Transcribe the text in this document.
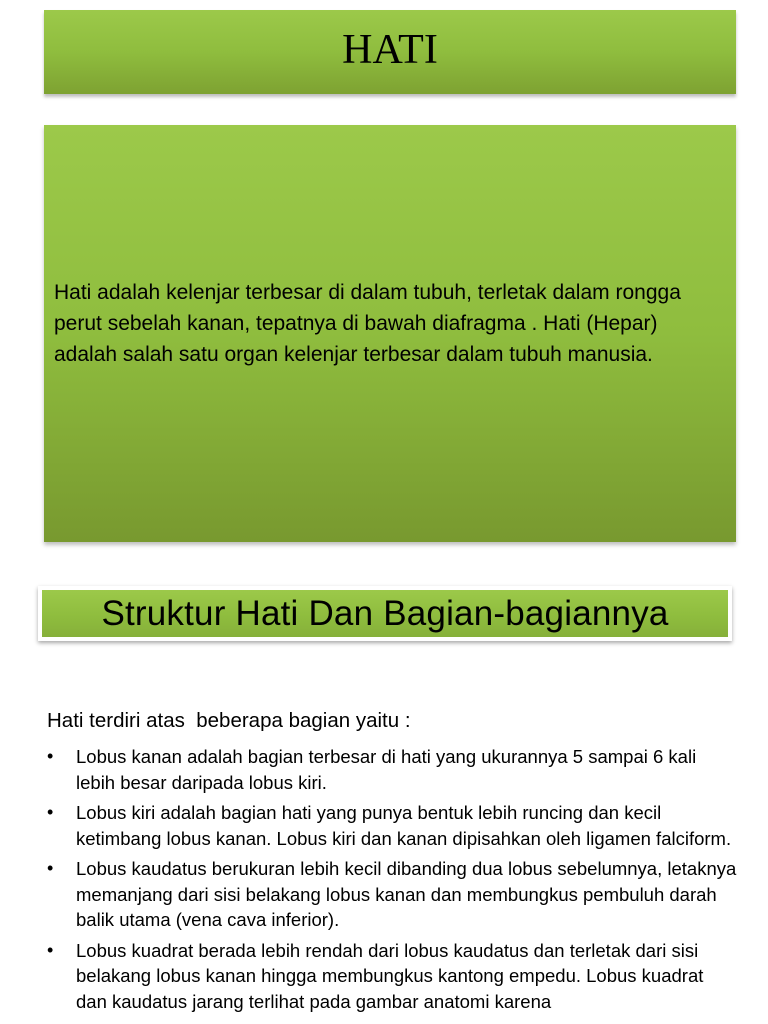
HATI
Hati adalah kelenjar terbesar di dalam tubuh, terletak dalam rongga perut sebelah kanan, tepatnya di bawah diafragma . Hati (Hepar) adalah salah satu organ kelenjar terbesar dalam tubuh manusia.
Struktur Hati Dan Bagian-bagiannya

Hati terdiri atas  beberapa bagian yaitu :

• Lobus kanan adalah bagian terbesar di hati yang ukurannya 5 sampai 6 kali lebih besar daripada lobus kiri.
• Lobus kiri adalah bagian hati yang punya bentuk lebih runcing dan kecil ketimbang lobus kanan. Lobus kiri dan kanan dipisahkan oleh ligamen falciform.
• Lobus kaudatus berukuran lebih kecil dibanding dua lobus sebelumnya, letaknya memanjang dari sisi belakang lobus kanan dan membungkus pembuluh darah balik utama (vena cava inferior).
• Lobus kuadrat berada lebih rendah dari lobus kaudatus dan terletak dari sisi belakang lobus kanan hingga membungkus kantong empedu. Lobus kuadrat dan kaudatus jarang terlihat pada gambar anatomi karena
